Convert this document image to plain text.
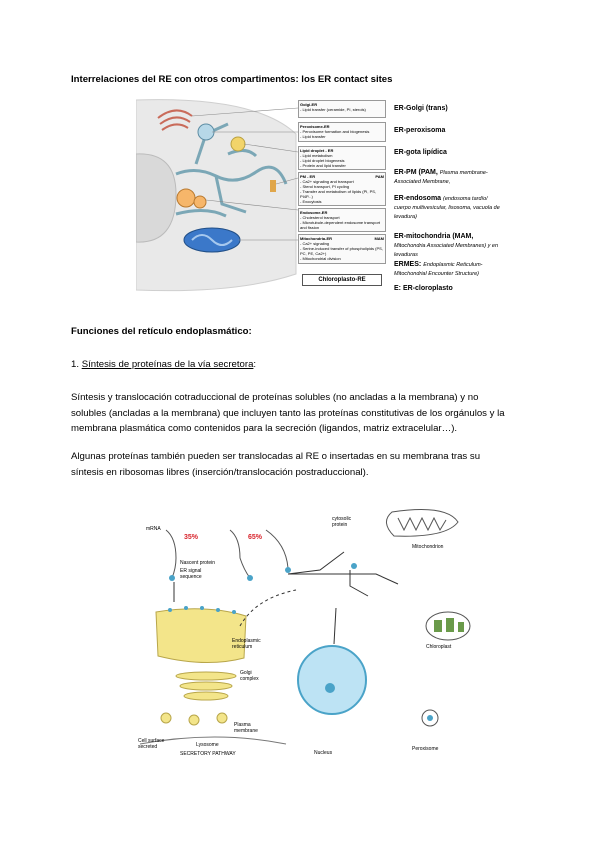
Interrelaciones del RE con otros compartimentos: los ER contact sites
Golgi-ER
- Lipid transfer (ceramide, PI, sterols)
Peroxisome-ER
- Peroxisome formation and biogenesis
- Lipid transfer
Lipid droplet - ER
- Lipid metabolism
- Lipid droplet biogenesis
- Protein and lipid transfer
PM - ER	PAM
- Ca2+ signaling and transport
- Sterol transport, PI cycling
- Transfer and metabolism of lipids (PI, PS, PI4P...)
- Exocytosis
Endosome-ER
- Cholesterol transport
- Microtubule-dependent endosome transport and fission
Mitochondria-ER	MAM
- Ca2+ signaling
- Serine-induced transfer of phospholipids (PS, PC, PE, Ca2+)
- Mitochondrial division
Chloroplasto-RE
ER-Golgi (trans)
ER-peroxisoma
ER-gota lipídica
ER-PM (PAM, Plasma membrane-Associated Membrane,
ER-endosoma (endosoma tardío/ cuerpo multivesicular, lisosoma, vacuola de levadura)
ER-mitochondria (MAM, Mitochondria Associated Membranes) y en levaduras
ERMES: Endoplasmic Reticulum-Mitochondrial Encounter Structure)
E: ER-cloroplasto
Funciones del retículo endoplasmático:
1. Síntesis de proteínas de la vía secretora:
Síntesis y translocación cotraduccional de proteínas solubles (no ancladas a la membrana) y no
solubles (ancladas a la membrana) que incluyen tanto las proteínas constitutivas de los orgánulos y la
membrana plasmática como contenidos para la secreción (ligandos, matriz extracelular…).
Algunas proteínas también pueden ser translocadas al RE o insertadas en su membrana tras su
síntesis en ribosomas libres (inserción/translocación postraduccional).
mRNA
35%	65%
cytosolic protein
Nascent protein
ER signal sequence
Endoplasmic reticulum
Golgi complex
Cell surface secreted
Plasma membrane
Lysosome
SECRETORY PATHWAY
Mitochondrion
Chloroplast
Nucleus
Peroxisome
